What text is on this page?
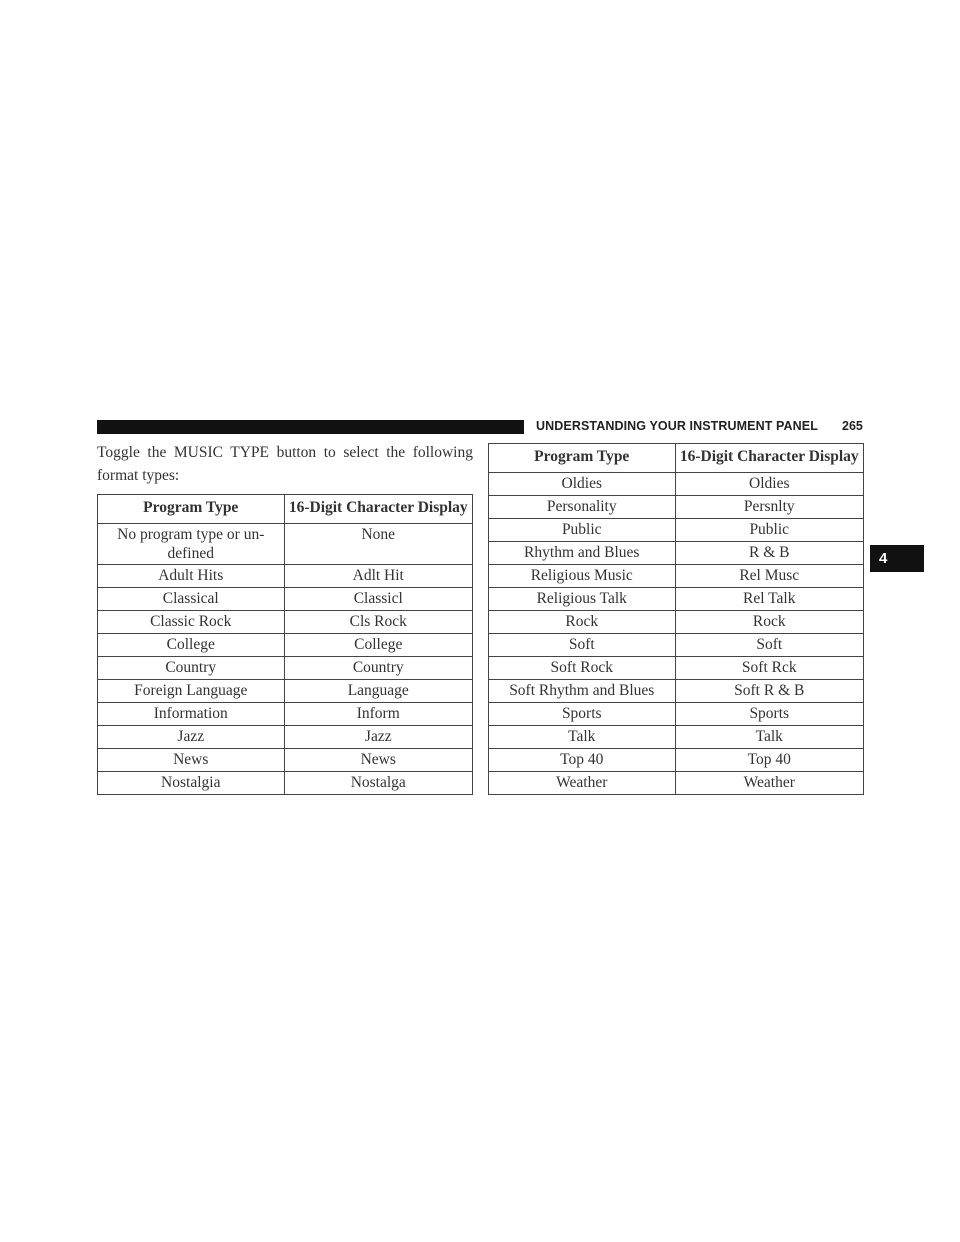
UNDERSTANDING YOUR INSTRUMENT PANEL 265
4
Toggle the MUSIC TYPE button to select the following format types:
Program Type	16-Digit Character Display
No program type or un-defined	None
Adult Hits	Adlt Hit
Classical	Classicl
Classic Rock	Cls Rock
College	College
Country	Country
Foreign Language	Language
Information	Inform
Jazz	Jazz
News	News
Nostalgia	Nostalga
Program Type	16-Digit Character Display
Oldies	Oldies
Personality	Persnlty
Public	Public
Rhythm and Blues	R & B
Religious Music	Rel Musc
Religious Talk	Rel Talk
Rock	Rock
Soft	Soft
Soft Rock	Soft Rck
Soft Rhythm and Blues	Soft R & B
Sports	Sports
Talk	Talk
Top 40	Top 40
Weather	Weather
